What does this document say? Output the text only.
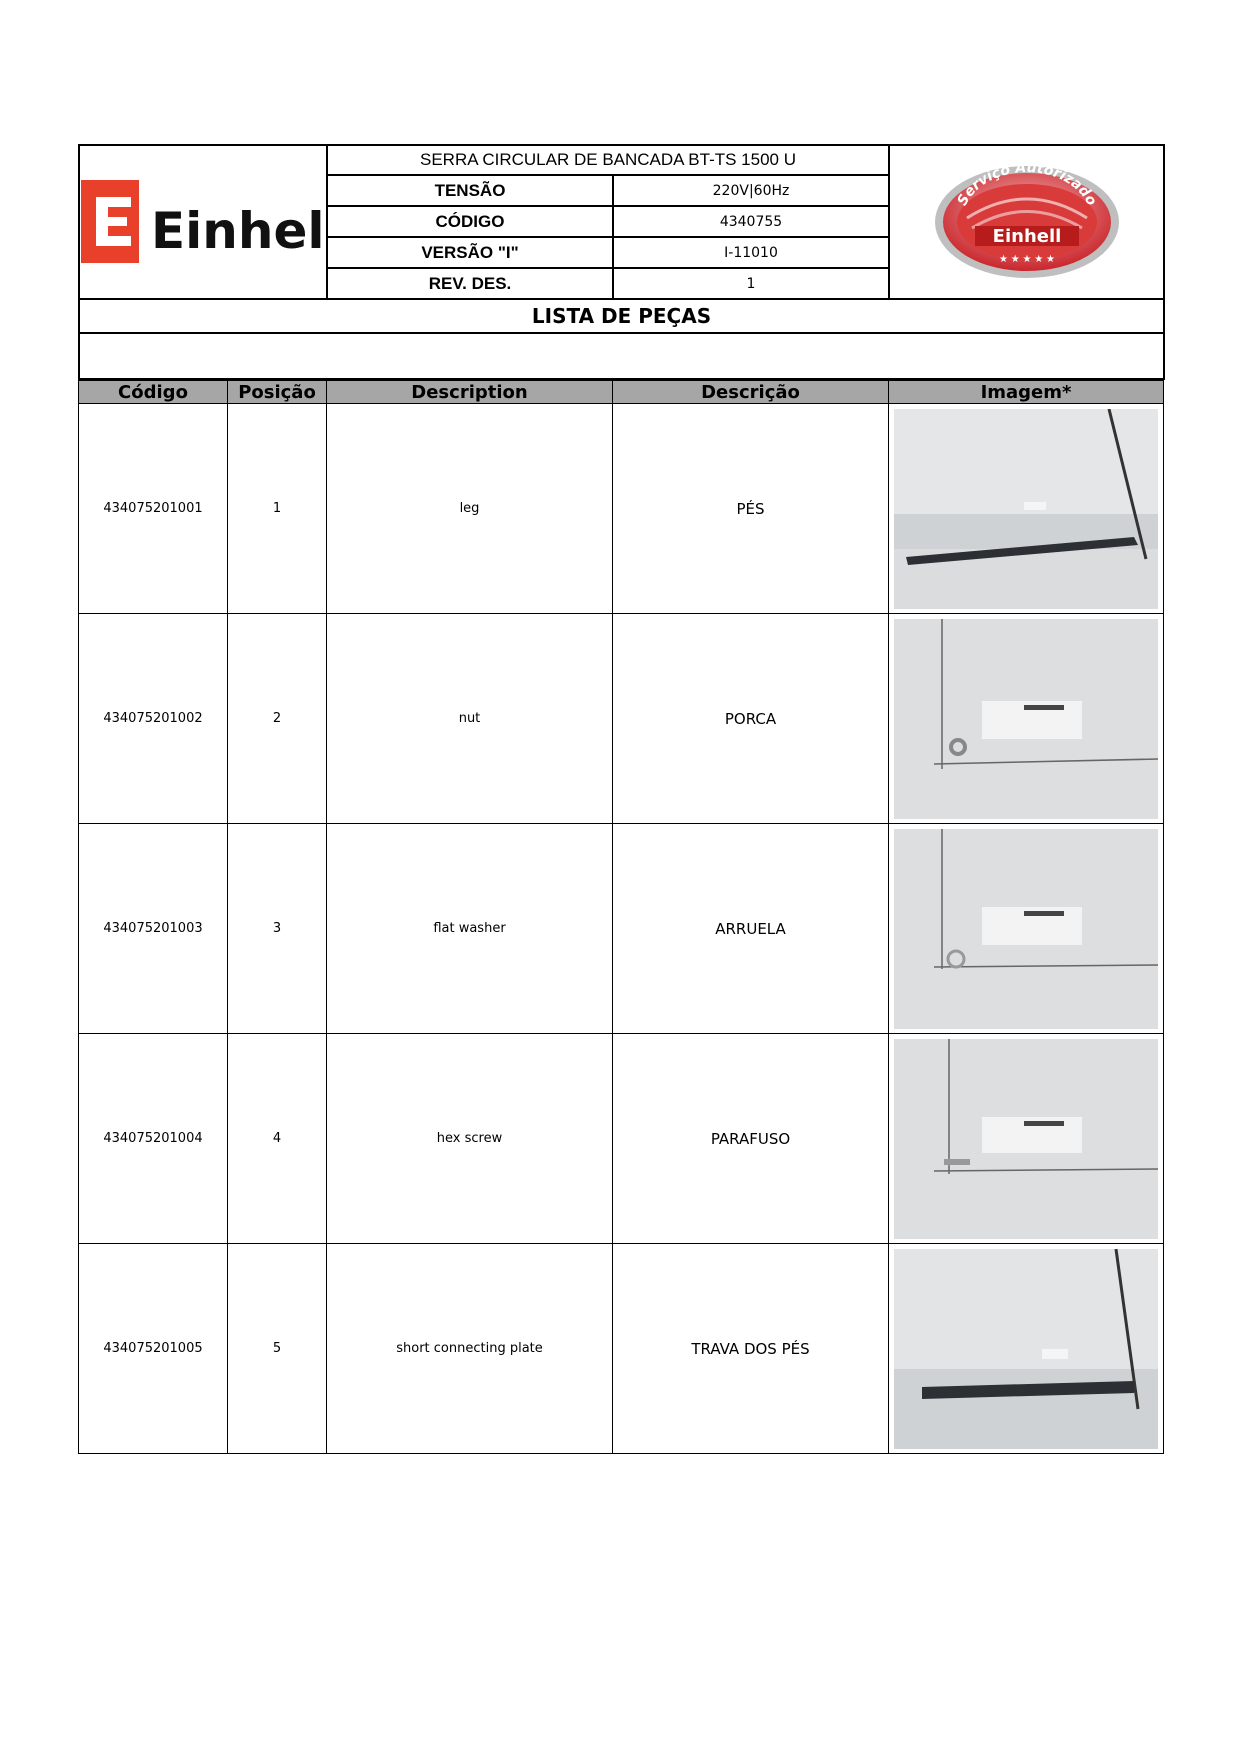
Einhell	SERRA CIRCULAR DE BANCADA BT-TS 1500 U		Serviço Autorizado
Einhell
★ ★ ★ ★ ★

	TENSÃO	220V|60Hz	
	CÓDIGO	4340755	
	VERSÃO "I"	I-11010	
	REV. DES.	1	
LISTA DE PEÇAS			

Código	Posição	Description	Descrição	Imagem*
434075201001	1	leg	PÉS	

434075201002	2	nut	PORCA	

434075201003	3	flat washer	ARRUELA	

434075201004	4	hex screw	PARAFUSO	

434075201005	5	short connecting plate	TRAVA DOS PÉS	
